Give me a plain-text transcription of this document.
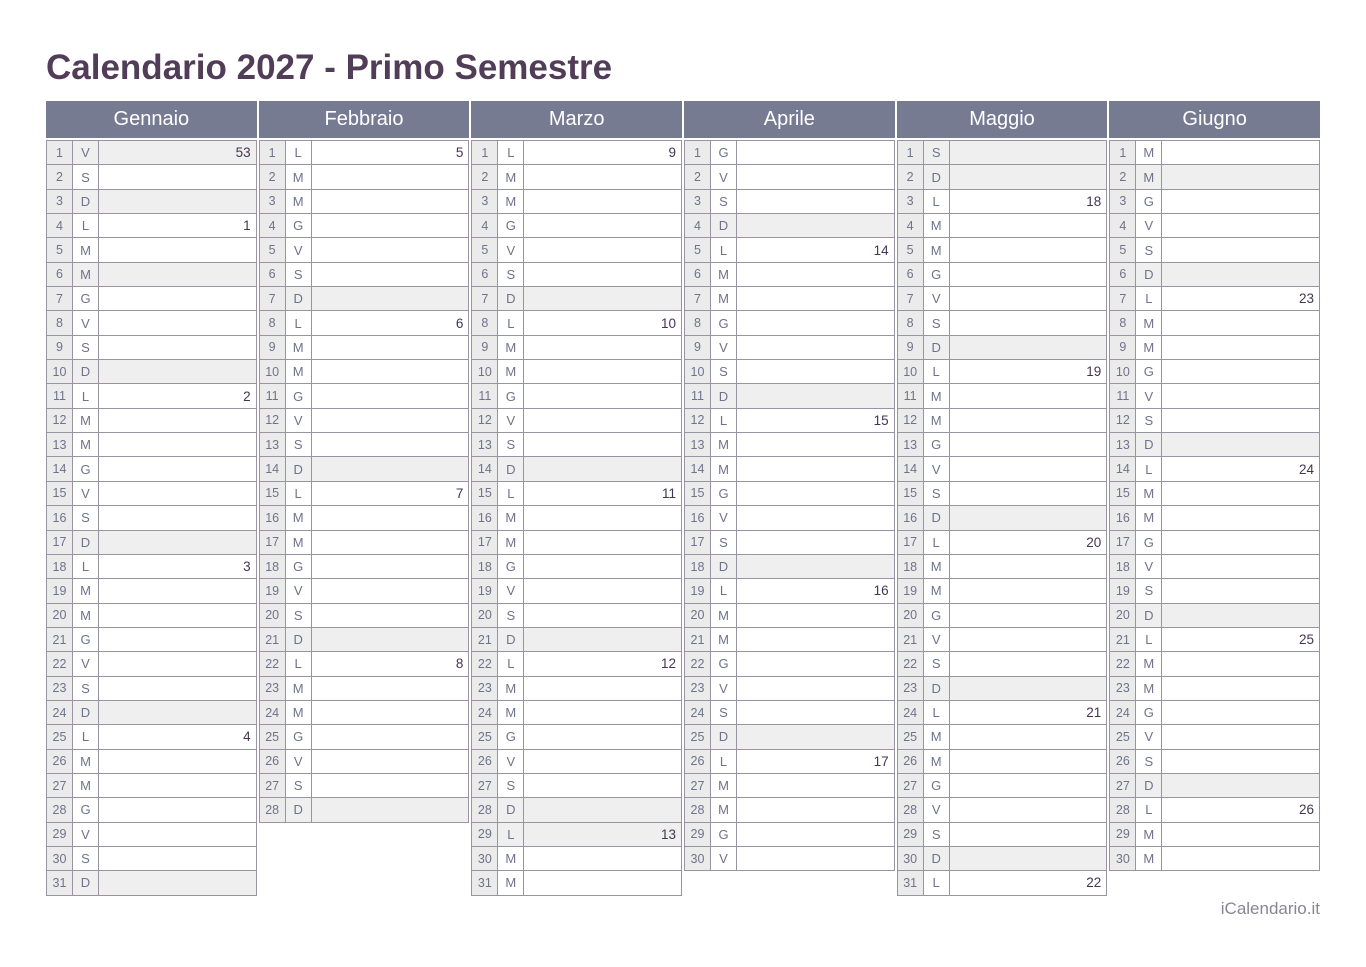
Calendario 2027 - Primo Semestre
Gennaio
1	V	53
2	S
3	D
4	L	1
5	M
6	M
7	G
8	V
9	S
10	D
11	L	2
12	M
13	M
14	G
15	V
16	S
17	D
18	L	3
19	M
20	M
21	G
22	V
23	S
24	D
25	L	4
26	M
27	M
28	G
29	V
30	S
31	D
Febbraio
1	L	5
2	M
3	M
4	G
5	V
6	S
7	D
8	L	6
9	M
10	M
11	G
12	V
13	S
14	D
15	L	7
16	M
17	M
18	G
19	V
20	S
21	D
22	L	8
23	M
24	M
25	G
26	V
27	S
28	D
Marzo
1	L	9
2	M
3	M
4	G
5	V
6	S
7	D
8	L	10
9	M
10	M
11	G
12	V
13	S
14	D
15	L	11
16	M
17	M
18	G
19	V
20	S
21	D
22	L	12
23	M
24	M
25	G
26	V
27	S
28	D
29	L	13
30	M
31	M
Aprile
1	G
2	V
3	S
4	D
5	L	14
6	M
7	M
8	G
9	V
10	S
11	D
12	L	15
13	M
14	M
15	G
16	V
17	S
18	D
19	L	16
20	M
21	M
22	G
23	V
24	S
25	D
26	L	17
27	M
28	M
29	G
30	V
Maggio
1	S
2	D
3	L	18
4	M
5	M
6	G
7	V
8	S
9	D
10	L	19
11	M
12	M
13	G
14	V
15	S
16	D
17	L	20
18	M
19	M
20	G
21	V
22	S
23	D
24	L	21
25	M
26	M
27	G
28	V
29	S
30	D
31	L	22
Giugno
1	M
2	M
3	G
4	V
5	S
6	D
7	L	23
8	M
9	M
10	G
11	V
12	S
13	D
14	L	24
15	M
16	M
17	G
18	V
19	S
20	D
21	L	25
22	M
23	M
24	G
25	V
26	S
27	D
28	L	26
29	M
30	M
iCalendario.it
